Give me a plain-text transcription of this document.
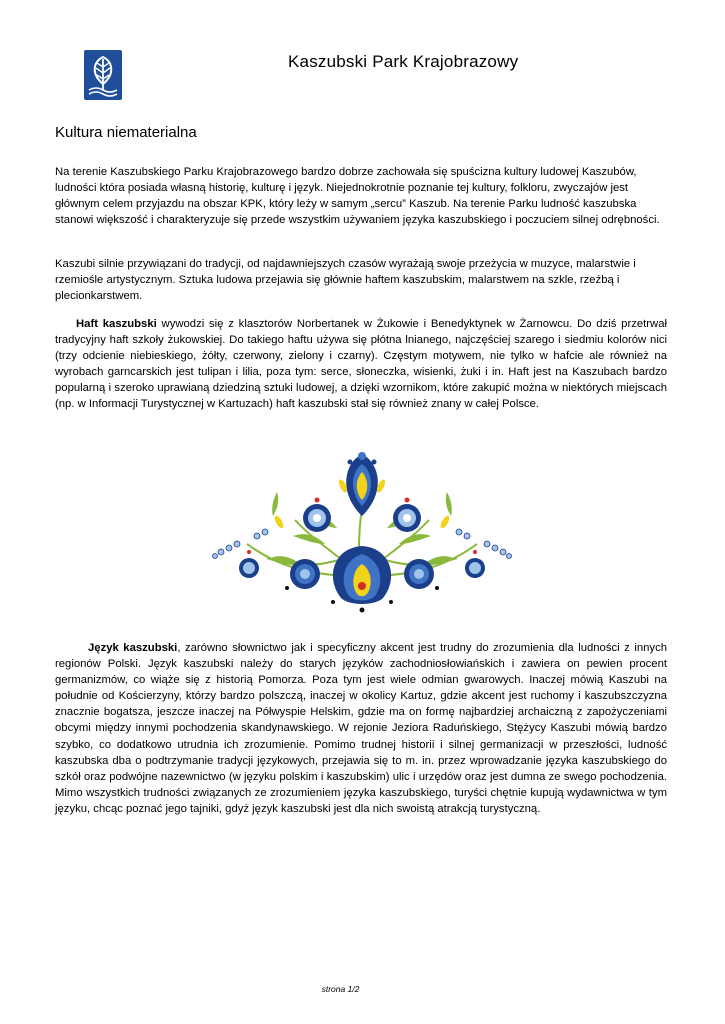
Kaszubski Park Krajobrazowy
Kultura niematerialna

Na terenie Kaszubskiego Parku Krajobrazowego bardzo dobrze zachowała się spuścizna kultury ludowej Kaszubów, ludności która posiada własną historię, kulturę i język. Niejednokrotnie poznanie tej kultury, folkloru, zwyczajów jest głównym celem przyjazdu na obszar KPK, który leży w samym „sercu” Kaszub. Na terenie Parku ludność kaszubska stanowi większość i charakteryzuje się przede wszystkim używaniem języka kaszubskiego i poczuciem silnej odrębności.

Kaszubi silnie przywiązani do tradycji, od najdawniejszych czasów wyrażają swoje przeżycia w muzyce, malarstwie i rzemiośle artystycznym. Sztuka ludowa przejawia się głównie haftem kaszubskim, malarstwem na szkle, rzeźbą i plecionkarstwem.

Haft kaszubski wywodzi się z klasztorów Norbertanek w Żukowie i Benedyktynek w Żarnowcu. Do dziś przetrwał tradycyjny haft szkoły żukowskiej. Do takiego haftu używa się płótna lnianego, najczęściej szarego i siedmiu kolorów nici (trzy odcienie niebieskiego, żółty, czerwony, zielony i czarny). Częstym motywem, nie tylko w hafcie ale również na wyrobach garncarskich jest tulipan i lilia, poza tym: serce, słoneczka, wisienki, żuki i in. Haft jest na Kaszubach bardzo popularną i szeroko uprawianą dziedziną sztuki ludowej, a dzięki wzornikom, które zakupić można w niektórych miejscach (np. w Informacji Turystycznej w Kartuzach) haft kaszubski stał się również znany w całej Polsce.

Język kaszubski, zarówno słownictwo jak i specyficzny akcent jest trudny do zrozumienia dla ludności z innych regionów Polski. Język kaszubski należy do starych języków zachodniosłowiańskich i zawiera on pewien procent germanizmów, co wiąże się z historią Pomorza. Poza tym jest wiele odmian gwarowych. Inaczej mówią Kaszubi na południe od Kościerzyny, którzy bardzo polszczą, inaczej w okolicy Kartuz, gdzie akcent jest ruchomy i kaszubszczyzna znacznie bogatsza, jeszcze inaczej na Półwyspie Helskim, gdzie ma on formę najbardziej archaiczną z zapożyczeniami obcymi między innymi pochodzenia skandynawskiego. W rejonie Jeziora Raduńskiego, Stężycy Kaszubi mówią bardzo szybko, co dodatkowo utrudnia ich zrozumienie. Pomimo trudnej historii i silnej germanizacji w przeszłości, ludność kaszubska dba o podtrzymanie tradycji językowych, przejawia się to m. in. przez wprowadzanie języka kaszubskiego do szkół oraz podwójne nazewnictwo (w języku polskim i kaszubskim) ulic i urzędów oraz jest dumna ze swego pochodzenia. Mimo wszystkich trudności związanych ze zrozumieniem języka kaszubskiego, turyści chętnie kupują wydawnictwa w tym języku, chcąc poznać jego tajniki, gdyż język kaszubski jest dla nich swoistą atrakcją turystyczną.

strona 1/2
